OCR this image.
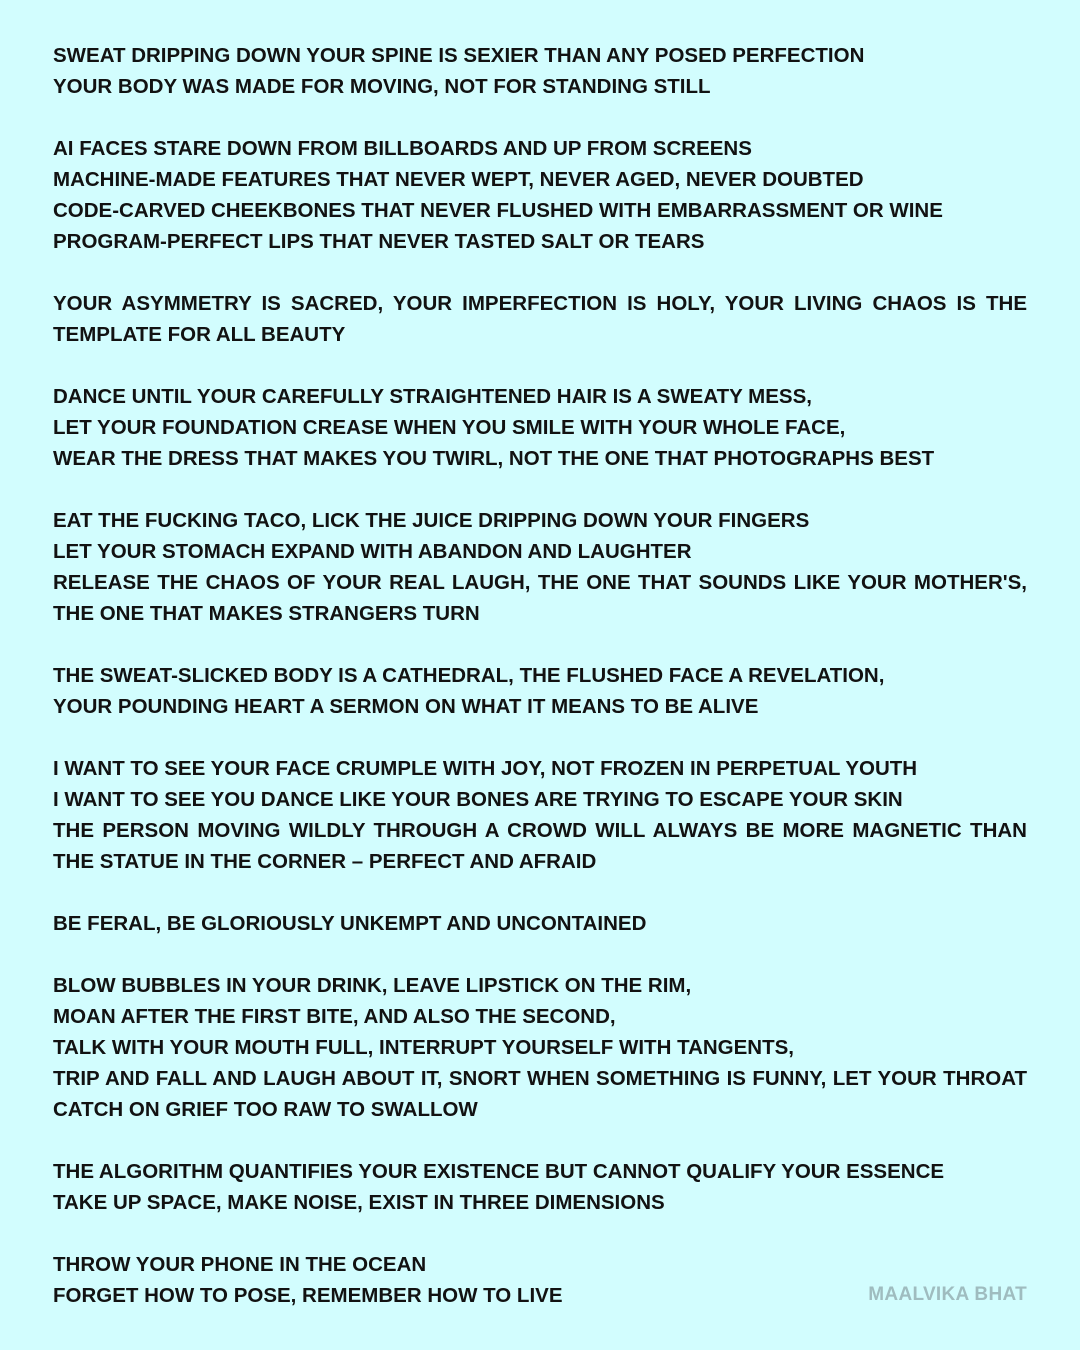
SWEAT DRIPPING DOWN YOUR SPINE IS SEXIER THAN ANY POSED PERFECTION
YOUR BODY WAS MADE FOR MOVING, NOT FOR STANDING STILL
AI FACES STARE DOWN FROM BILLBOARDS AND UP FROM SCREENS
MACHINE-MADE FEATURES THAT NEVER WEPT, NEVER AGED, NEVER DOUBTED
CODE-CARVED CHEEKBONES THAT NEVER FLUSHED WITH EMBARRASSMENT OR WINE
PROGRAM-PERFECT LIPS THAT NEVER TASTED SALT OR TEARS
YOUR ASYMMETRY IS SACRED, YOUR IMPERFECTION IS HOLY, YOUR LIVING CHAOS IS THE TEMPLATE FOR ALL BEAUTY
DANCE UNTIL YOUR CAREFULLY STRAIGHTENED HAIR IS A SWEATY MESS,
LET YOUR FOUNDATION CREASE WHEN YOU SMILE WITH YOUR WHOLE FACE,
WEAR THE DRESS THAT MAKES YOU TWIRL, NOT THE ONE THAT PHOTOGRAPHS BEST
EAT THE FUCKING TACO, LICK THE JUICE DRIPPING DOWN YOUR FINGERS
LET YOUR STOMACH EXPAND WITH ABANDON AND LAUGHTER
RELEASE THE CHAOS OF YOUR REAL LAUGH, THE ONE THAT SOUNDS LIKE YOUR MOTHER'S, THE ONE THAT MAKES STRANGERS TURN
THE SWEAT-SLICKED BODY IS A CATHEDRAL, THE FLUSHED FACE A REVELATION,
YOUR POUNDING HEART A SERMON ON WHAT IT MEANS TO BE ALIVE
I WANT TO SEE YOUR FACE CRUMPLE WITH JOY, NOT FROZEN IN PERPETUAL YOUTH
I WANT TO SEE YOU DANCE LIKE YOUR BONES ARE TRYING TO ESCAPE YOUR SKIN
THE PERSON MOVING WILDLY THROUGH A CROWD WILL ALWAYS BE MORE MAGNETIC THAN THE STATUE IN THE CORNER – PERFECT AND AFRAID
BE FERAL, BE GLORIOUSLY UNKEMPT AND UNCONTAINED
BLOW BUBBLES IN YOUR DRINK, LEAVE LIPSTICK ON THE RIM,
MOAN AFTER THE FIRST BITE, AND ALSO THE SECOND,
TALK WITH YOUR MOUTH FULL, INTERRUPT YOURSELF WITH TANGENTS,
TRIP AND FALL AND LAUGH ABOUT IT, SNORT WHEN SOMETHING IS FUNNY, LET YOUR THROAT CATCH ON GRIEF TOO RAW TO SWALLOW
THE ALGORITHM QUANTIFIES YOUR EXISTENCE BUT CANNOT QUALIFY YOUR ESSENCE
TAKE UP SPACE, MAKE NOISE, EXIST IN THREE DIMENSIONS
THROW YOUR PHONE IN THE OCEAN
FORGET HOW TO POSE, REMEMBER HOW TO LIVE	MAALVIKA BHAT
